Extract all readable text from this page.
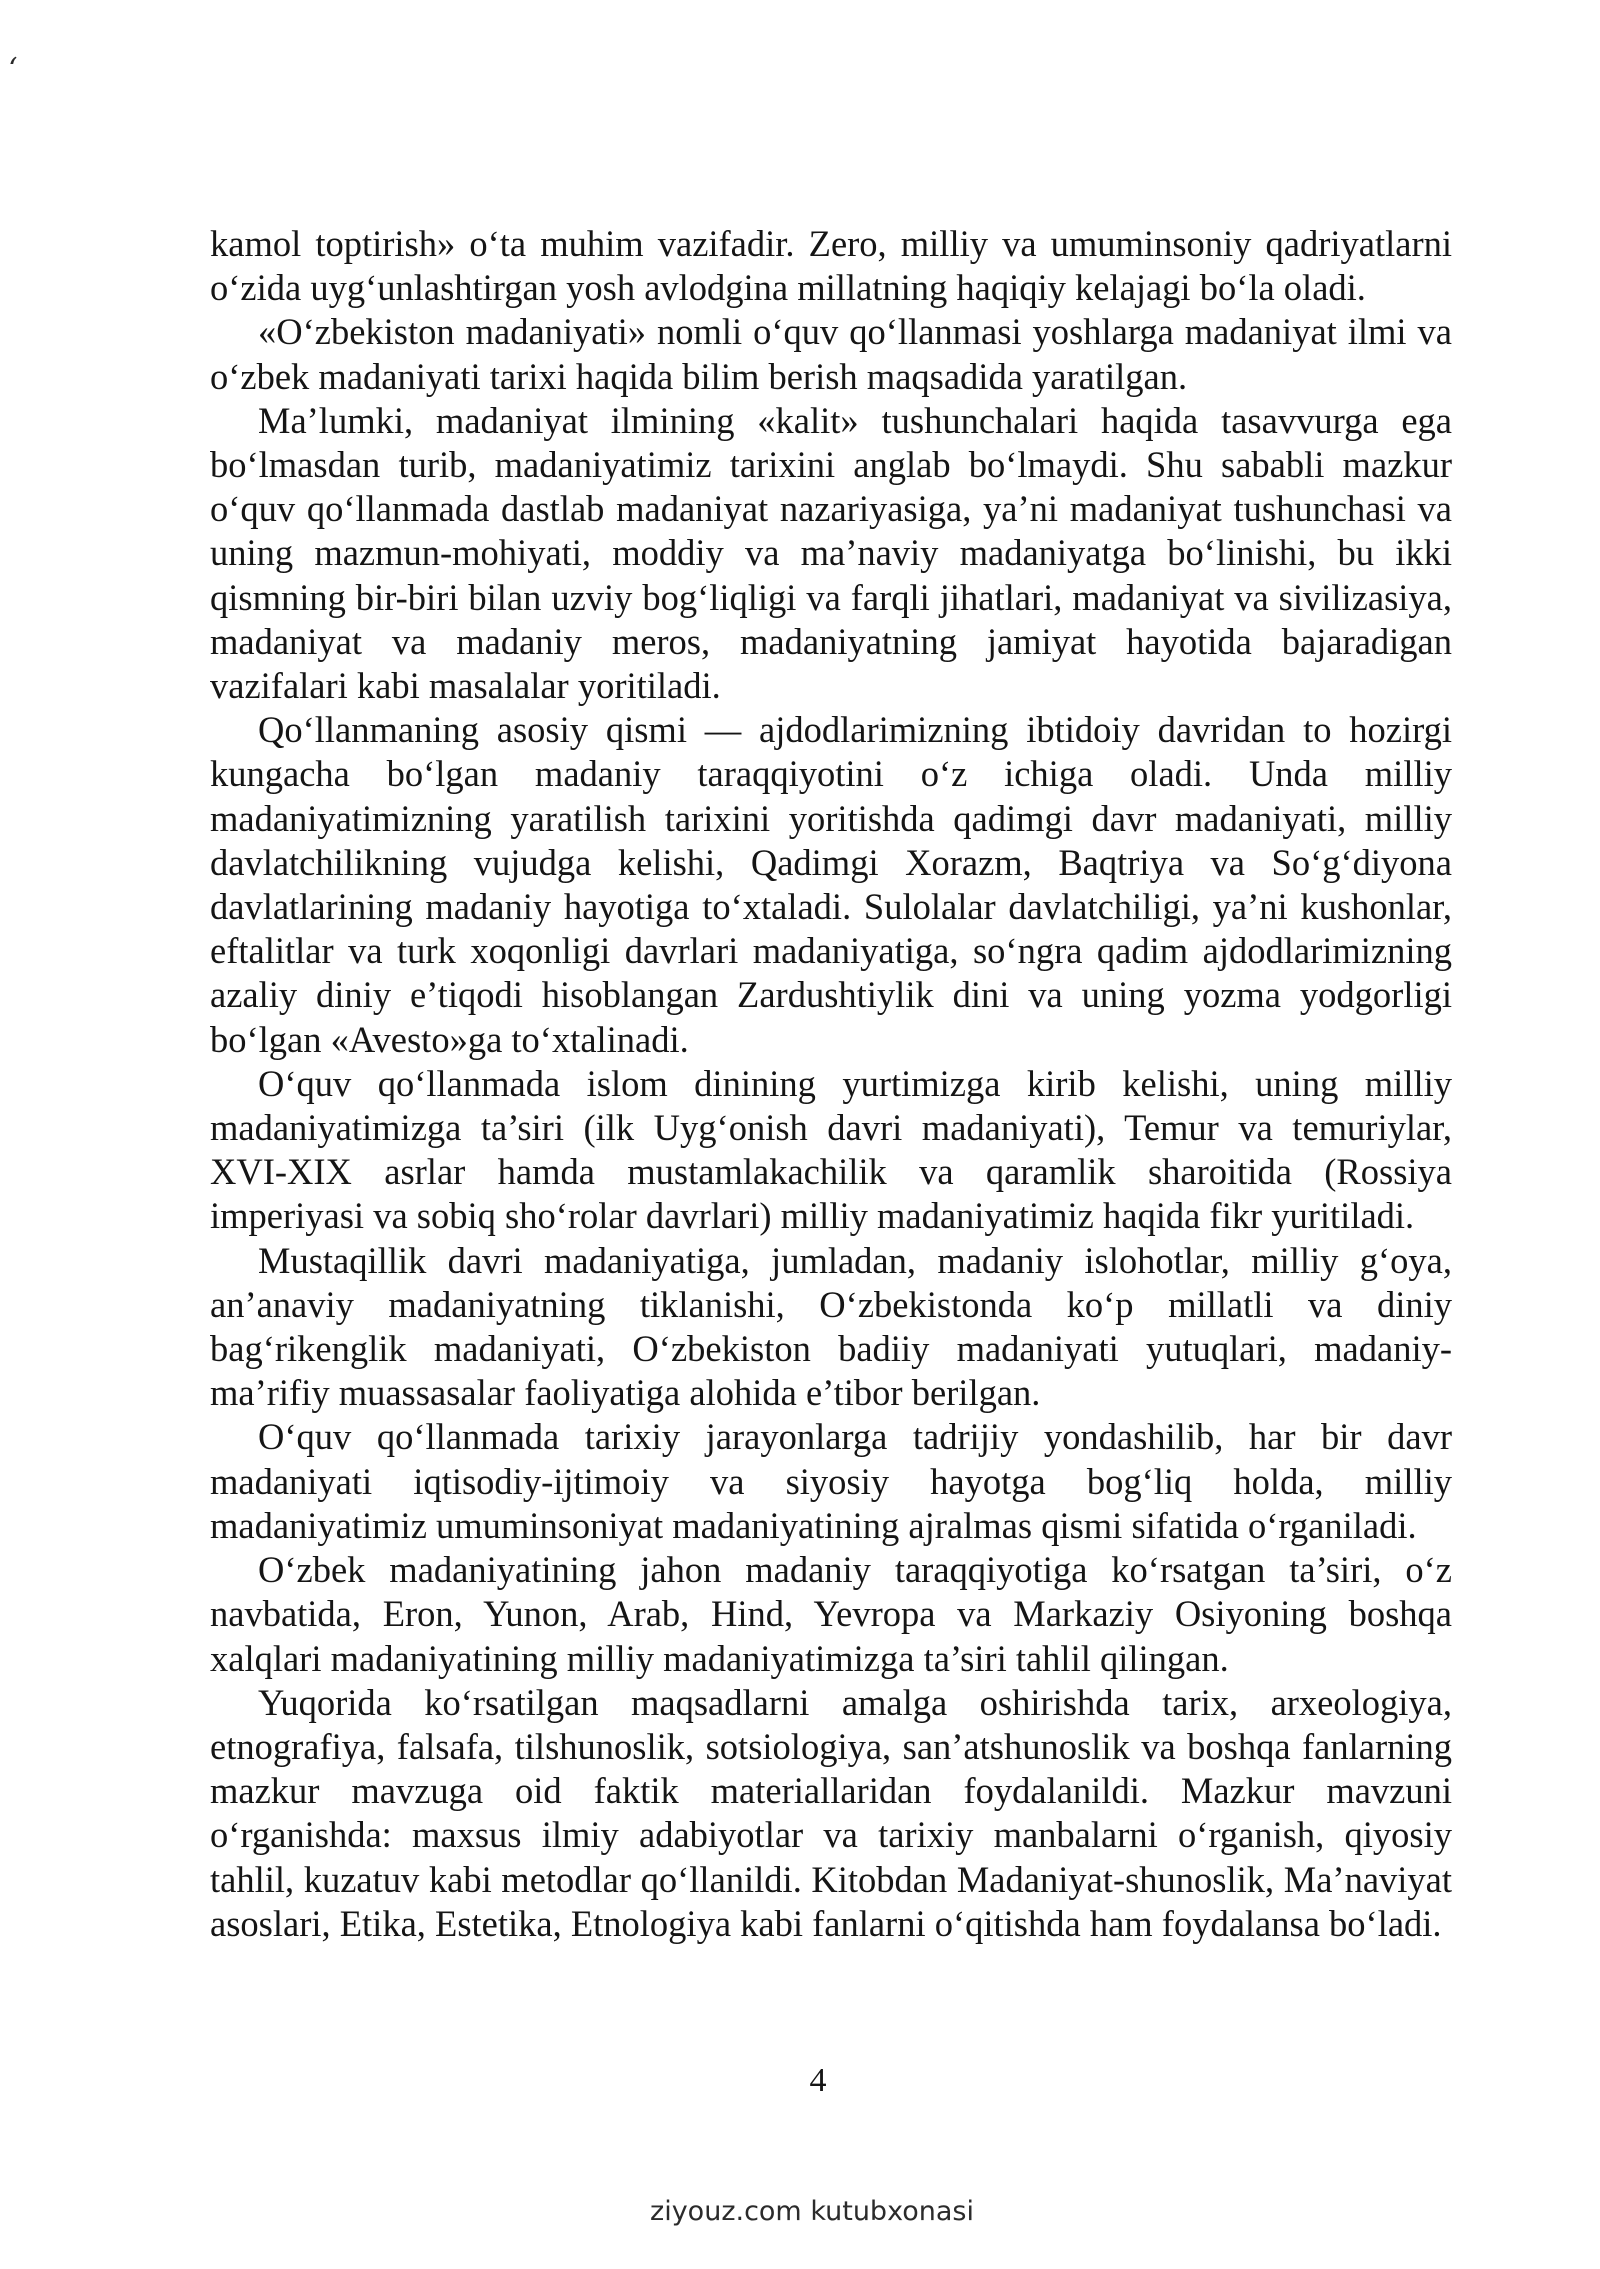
ʻ

kamol toptirish» oʻta muhim vazifadir. Zero, milliy va umuminsoniy qadriyatlarni oʻzida uygʻunlashtirgan yosh avlodgina millatning haqiqiy kelajagi boʻla oladi.

«Oʻzbekiston madaniyati» nomli oʻquv qoʻllanmasi yoshlarga madaniyat ilmi va oʻzbek madaniyati tarixi haqida bilim berish maqsadida yaratilgan.

Ma’lumki, madaniyat ilmining «kalit» tushunchalari haqida tasavvurga ega boʻlmasdan turib, madaniyatimiz tarixini anglab boʻlmaydi. Shu sababli mazkur oʻquv qoʻllanmada dastlab madaniyat nazariyasiga, ya’ni madaniyat tushunchasi va uning mazmun-mohiyati, moddiy va ma’naviy madaniyatga boʻlinishi, bu ikki qismning bir-biri bilan uzviy bogʻliqligi va farqli jihatlari, madaniyat va sivilizasiya, madaniyat va madaniy meros, madaniyatning jamiyat hayotida bajaradigan vazifalari kabi masalalar yoritiladi.

Qoʻllanmaning asosiy qismi — ajdodlarimizning ibtidoiy davridan to hozirgi kungacha boʻlgan madaniy taraqqiyotini oʻz ichiga oladi. Unda milliy madaniyatimizning yaratilish tarixini yoritishda qadimgi davr madaniyati, milliy davlatchilikning vujudga kelishi, Qadimgi Xorazm, Baqtriya va Soʻgʻdiyona davlatlarining madaniy hayotiga toʻxtaladi. Sulolalar davlatchiligi, ya’ni kushonlar, eftalitlar va turk xoqonligi davrlari madaniyatiga, soʻngra qadim ajdodlarimizning azaliy diniy e’tiqodi hisoblangan Zardushtiylik dini va uning yozma yodgorligi boʻlgan «Avesto»ga toʻxtalinadi.

Oʻquv qoʻllanmada islom dinining yurtimizga kirib kelishi, uning milliy madaniyatimizga ta’siri (ilk Uygʻonish davri madaniyati), Temur va temuriylar, XVI-XIX asrlar hamda mustamlakachilik va qaramlik sharoitida (Rossiya imperiyasi va sobiq shoʻrolar davrlari) milliy madaniyatimiz haqida fikr yuritiladi.

Mustaqillik davri madaniyatiga, jumladan, madaniy islohotlar, milliy gʻoya, an’anaviy madaniyatning tiklanishi, Oʻzbekistonda koʻp millatli va diniy bagʻrikenglik madaniyati, Oʻzbekiston badiiy madaniyati yutuqlari, madaniy-ma’rifiy muassasalar faoliyatiga alohida e’tibor berilgan.

Oʻquv qoʻllanmada tarixiy jarayonlarga tadrijiy yondashilib, har bir davr madaniyati iqtisodiy-ijtimoiy va siyosiy hayotga bogʻliq holda, milliy madaniyatimiz umuminsoniyat madaniyatining ajralmas qismi sifatida oʻrganiladi.

Oʻzbek madaniyatining jahon madaniy taraqqiyotiga koʻrsatgan ta’siri, oʻz navbatida, Eron, Yunon, Arab, Hind, Yevropa va Markaziy Osiyoning boshqa xalqlari madaniyatining milliy madaniyatimizga ta’siri tahlil qilingan.

Yuqorida koʻrsatilgan maqsadlarni amalga oshirishda tarix, arxeologiya, etnografiya, falsafa, tilshunoslik, sotsiologiya, san’atshunoslik va boshqa fanlarning mazkur mavzuga oid faktik materiallaridan foydalanildi. Mazkur mavzuni oʻrganishda: maxsus ilmiy adabiyotlar va tarixiy manbalarni oʻrganish, qiyosiy tahlil, kuzatuv kabi metodlar qoʻllanildi. Kitobdan Madaniyat-shunoslik, Ma’naviyat asoslari, Etika, Estetika, Etnologiya kabi fanlarni oʻqitishda ham foydalansa boʻladi.

4
ziyouz.com kutubxonasi
